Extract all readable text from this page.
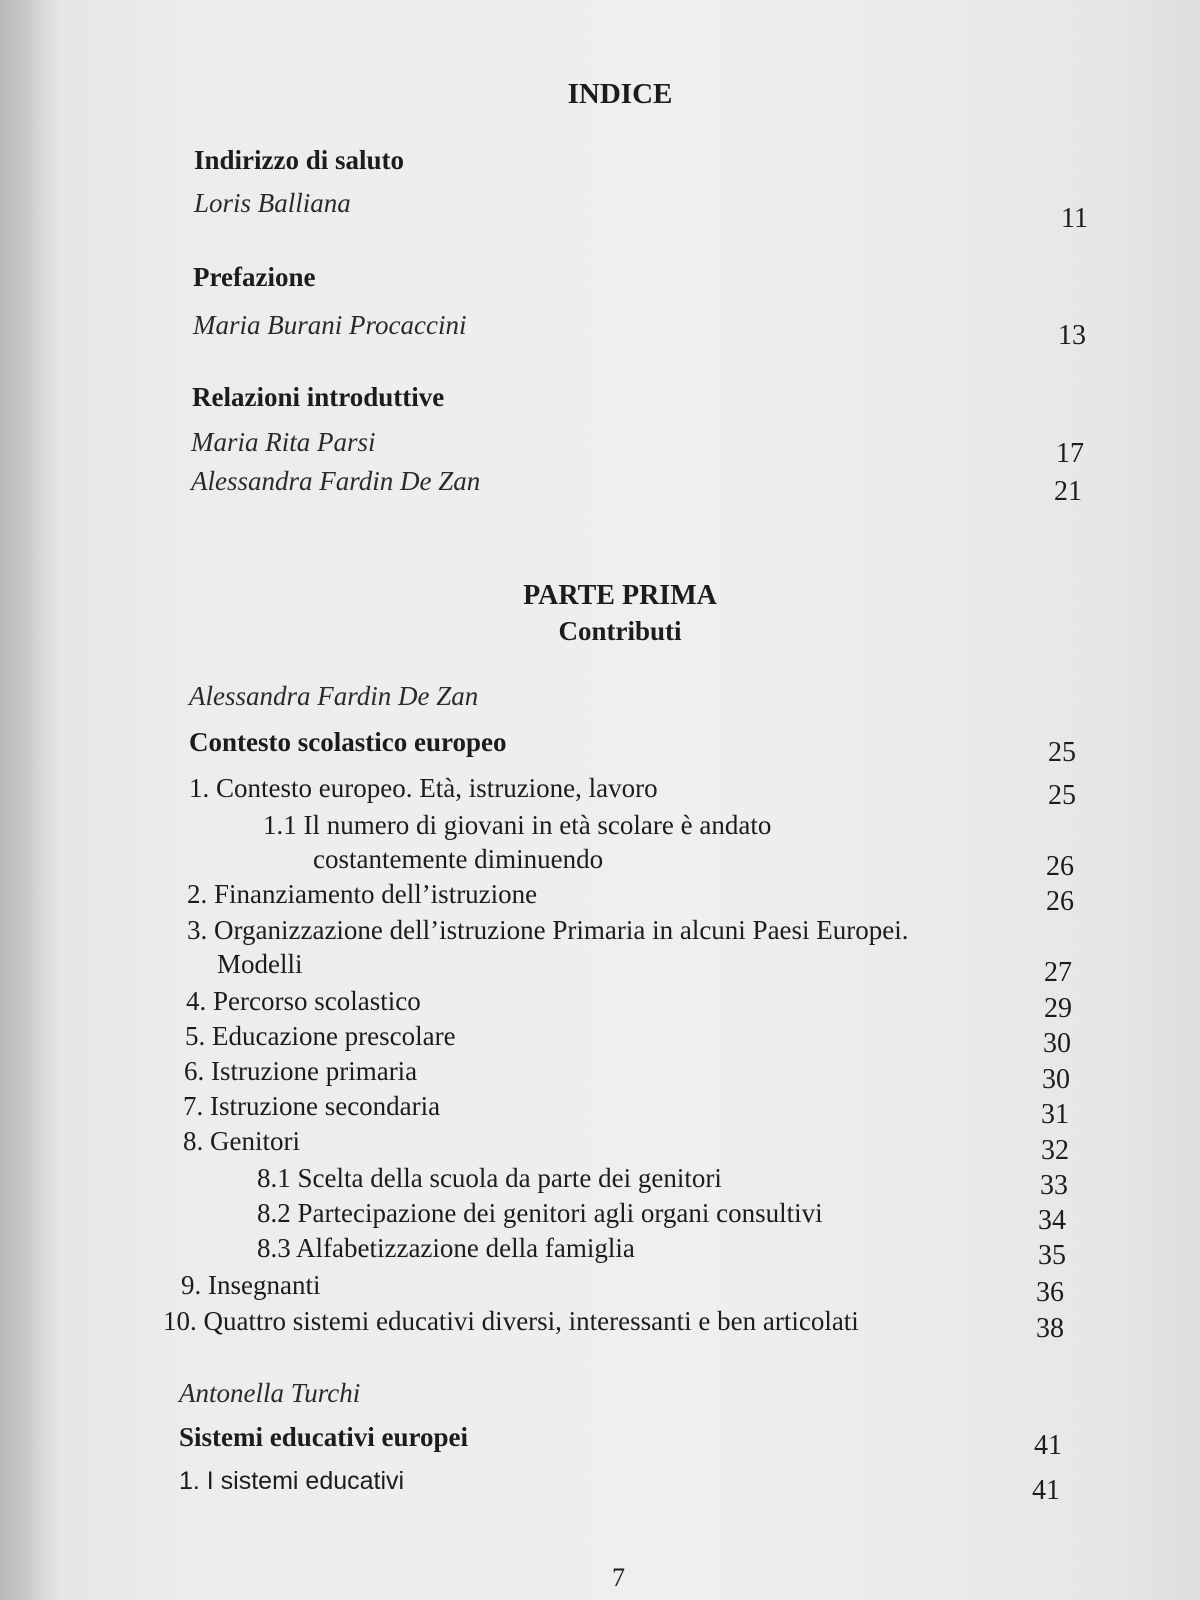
INDICE
Indirizzo di saluto
Loris Balliana	11
Prefazione
Maria Burani Procaccini	13
Relazioni introduttive
Maria Rita Parsi	17
Alessandra Fardin De Zan	21
PARTE PRIMA
Contributi
Alessandra Fardin De Zan
Contesto scolastico europeo	25
1. Contesto europeo. Età, istruzione, lavoro	25
1.1 Il numero di giovani in età scolare è andato
costantemente diminuendo	26
2. Finanziamento dell’istruzione	26
3. Organizzazione dell’istruzione Primaria in alcuni Paesi Europei.
Modelli	27
4. Percorso scolastico	29
5. Educazione prescolare	30
6. Istruzione primaria	30
7. Istruzione secondaria	31
8. Genitori	32
8.1 Scelta della scuola da parte dei genitori	33
8.2 Partecipazione dei genitori agli organi consultivi	34
8.3 Alfabetizzazione della famiglia	35
9. Insegnanti	36
10. Quattro sistemi educativi diversi, interessanti e ben articolati	38
Antonella Turchi
Sistemi educativi europei	41
1. I sistemi educativi	41
7
